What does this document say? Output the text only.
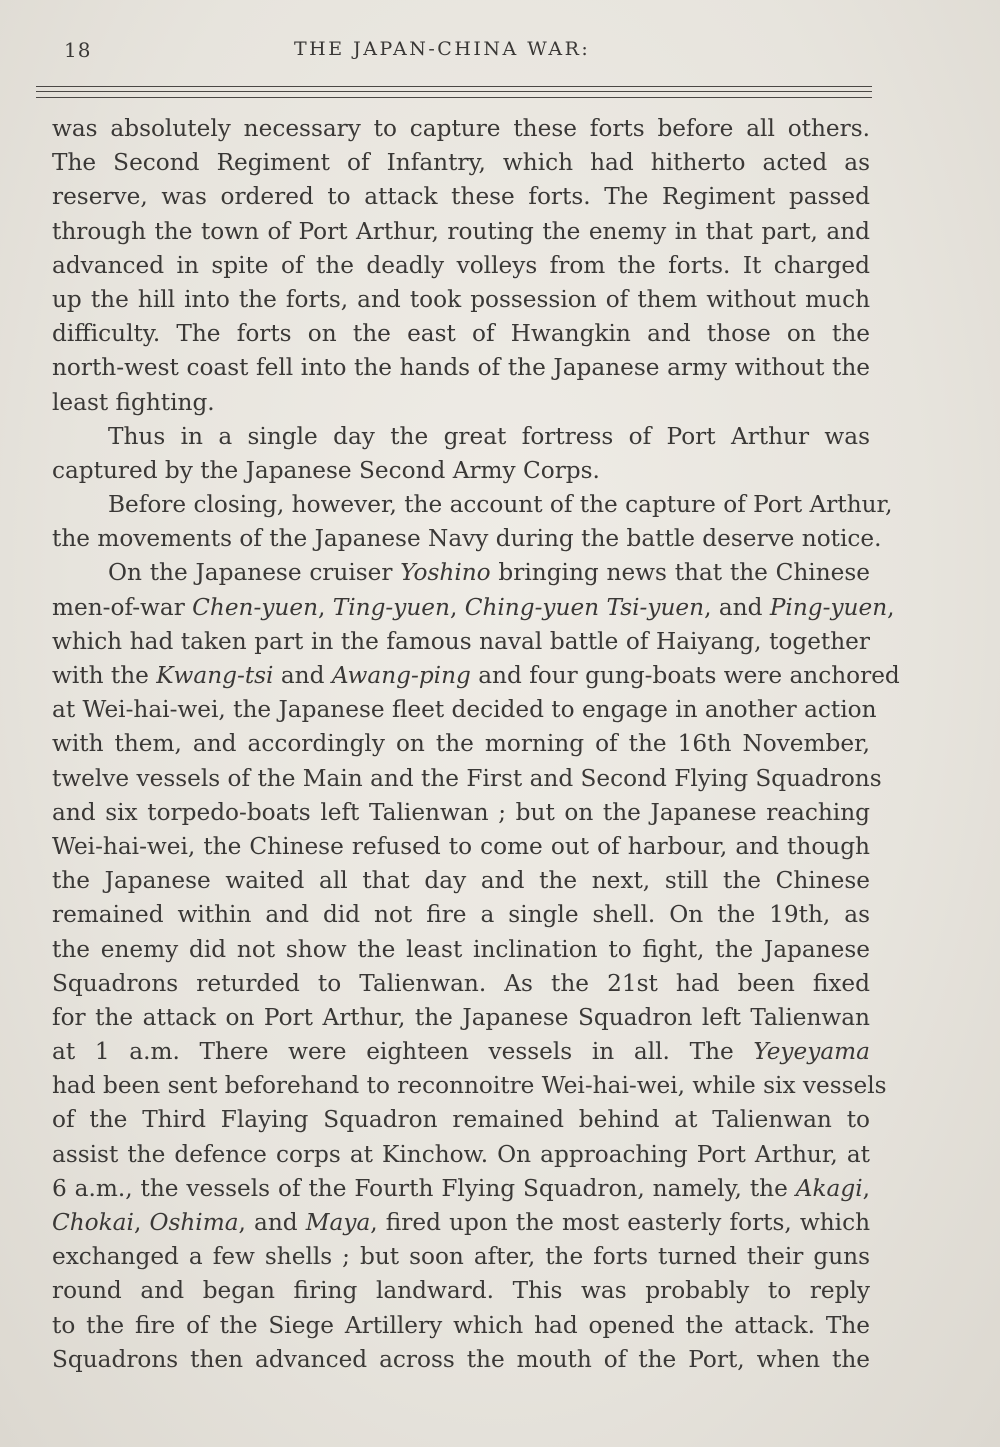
18	THE JAPAN-CHINA WAR:
was absolutely necessary to capture these forts before all others.
The Second Regiment of Infantry, which had hitherto acted as
reserve, was ordered to attack these forts. The Regiment passed
through the town of Port Arthur, routing the enemy in that part, and
advanced in spite of the deadly volleys from the forts. It charged
up the hill into the forts, and took possession of them without much
difficulty. The forts on the east of Hwangkin and those on the
north-west coast fell into the hands of the Japanese army without the
least fighting.
Thus in a single day the great fortress of Port Arthur was
captured by the Japanese Second Army Corps.
Before closing, however, the account of the capture of Port Arthur,
the movements of the Japanese Navy during the battle deserve notice.
On the Japanese cruiser Yoshino bringing news that the Chinese
men-of-war Chen-yuen, Ting-yuen, Ching-yuen Tsi-yuen, and Ping-yuen,
which had taken part in the famous naval battle of Haiyang, together
with the Kwang-tsi and Awang-ping and four gung-boats were anchored
at Wei-hai-wei, the Japanese fleet decided to engage in another action
with them, and accordingly on the morning of the 16th November,
twelve vessels of the Main and the First and Second Flying Squadrons
and six torpedo-boats left Talienwan ; but on the Japanese reaching
Wei-hai-wei, the Chinese refused to come out of harbour, and though
the Japanese waited all that day and the next, still the Chinese
remained within and did not fire a single shell. On the 19th, as
the enemy did not show the least inclination to fight, the Japanese
Squadrons returded to Talienwan. As the 21st had been fixed
for the attack on Port Arthur, the Japanese Squadron left Talienwan
at 1 a.m. There were eighteen vessels in all. The Yeyeyama
had been sent beforehand to reconnoitre Wei-hai-wei, while six vessels
of the Third Flaying Squadron remained behind at Talienwan to
assist the defence corps at Kinchow. On approaching Port Arthur, at
6 a.m., the vessels of the Fourth Flying Squadron, namely, the Akagi,
Chokai, Oshima, and Maya, fired upon the most easterly forts, which
exchanged a few shells ; but soon after, the forts turned their guns
round and began firing landward. This was probably to reply
to the fire of the Siege Artillery which had opened the attack. The
Squadrons then advanced across the mouth of the Port, when the
